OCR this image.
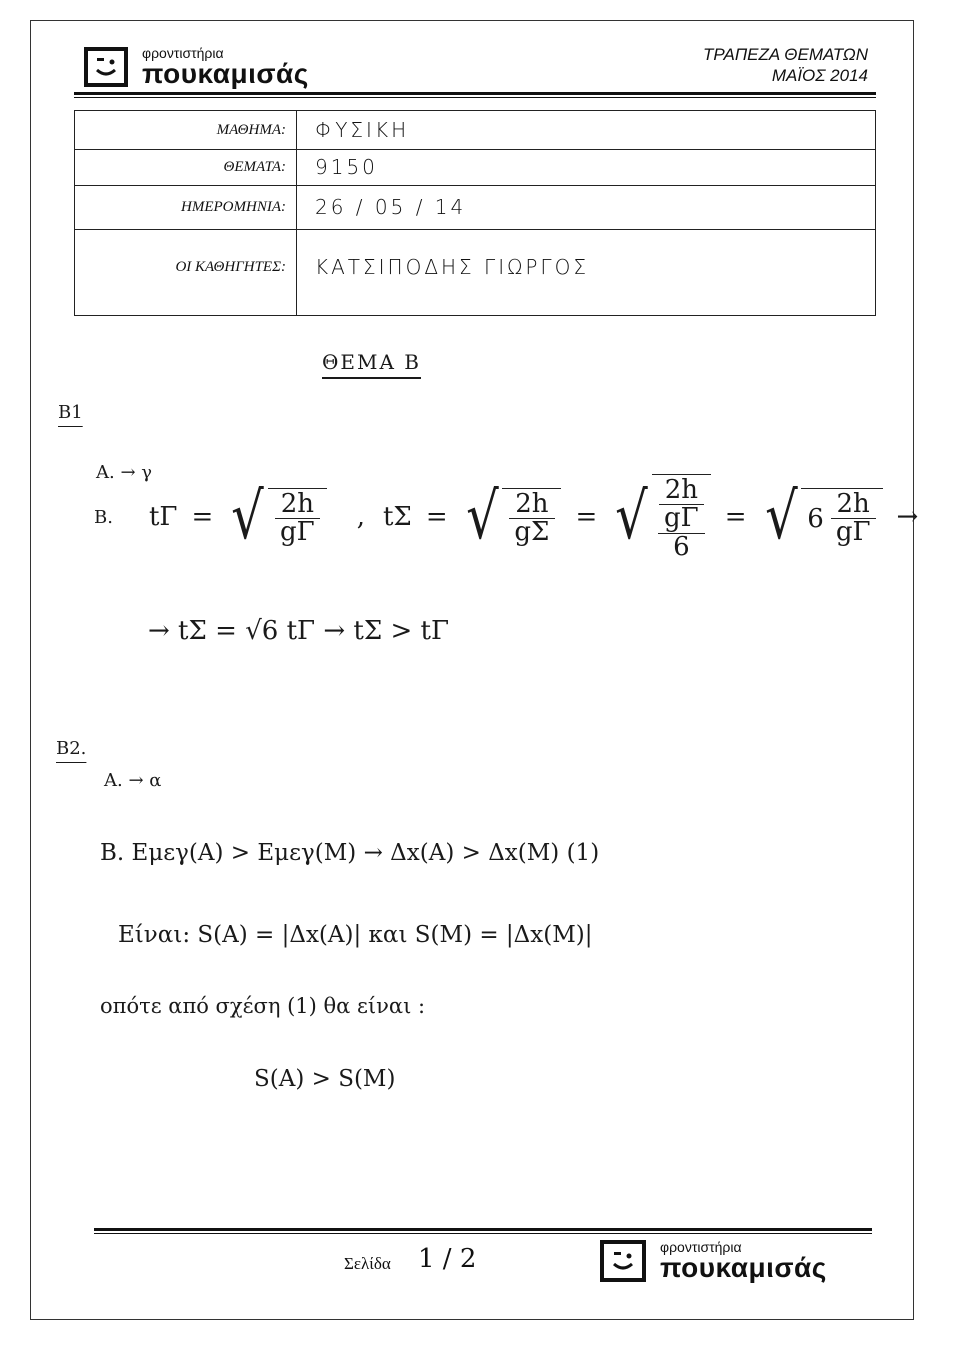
φροντιστήρια
πουκαμισάς
ΤΡΑΠΕΖΑ ΘΕΜΑΤΩΝ
ΜΑΪΟΣ 2014
ΜΑΘΗΜΑ:	ΦΥΣΙΚΗ
ΘΕΜΑΤΑ:	9150
ΗΜΕΡΟΜΗΝΙΑ:	26 / 05 / 14
ΟΙ ΚΑΘΗΓΗΤΕΣ:	ΚΑΤΣΙΠΟΔΗΣ ΓΙΩΡΓΟΣ
ΘΕΜΑ Β
Β1
Α. → γ
Β. tΓ = √ $\frac{2h}{g\Gamma}$ , tΣ = √ $\frac{2h}{g\Sigma}$ = √ 2h
gΓ
6
= √ $6 \frac{2h}{g\Gamma}$ →
→ tΣ = √6 tΓ → tΣ > tΓ
Β2.
Α. → α
Β. Eμεγ(Α) > Eμεγ(Μ) → Δx(Α) > Δx(Μ) (1)
Είναι: S(Α) = |Δx(Α)| και S(Μ) = |Δx(Μ)|
οπότε από σχέση (1) θα είναι :
S(Α) > S(Μ)
Σελίδα 1 / 2	φροντιστήρια
πουκαμισάς
